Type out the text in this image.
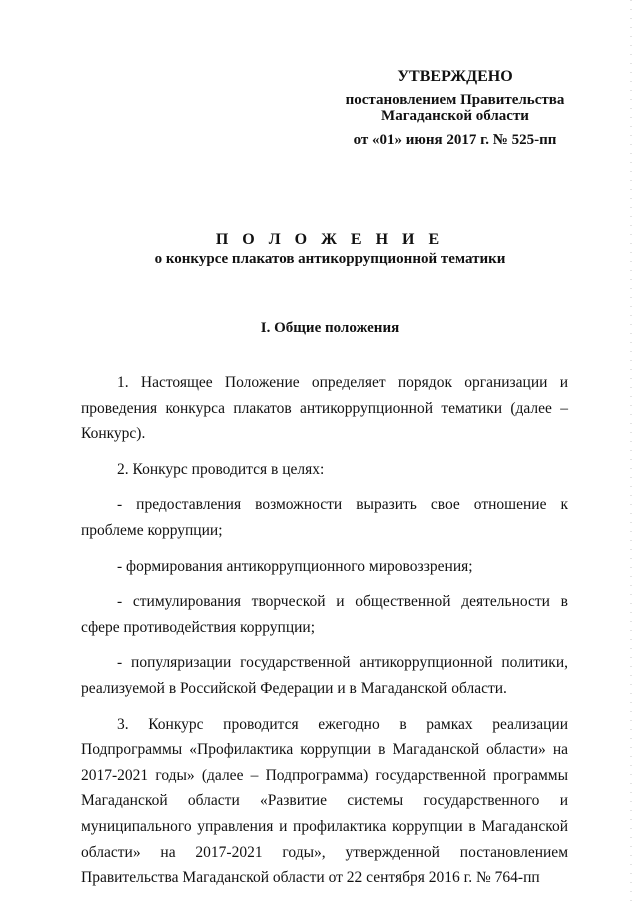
УТВЕРЖДЕНО
постановлением Правительства
Магаданской области
от «01» июня 2017 г. № 525-пп
П О Л О Ж Е Н И Е
о конкурсе плакатов антикоррупционной тематики
I. Общие положения

1. Настоящее Положение определяет порядок организации и проведения конкурса плакатов антикоррупционной тематики (далее – Конкурс).

2. Конкурс проводится в целях:

- предоставления возможности выразить свое отношение к проблеме коррупции;

- формирования антикоррупционного мировоззрения;

- стимулирования творческой и общественной деятельности в сфере противодействия коррупции;

- популяризации государственной антикоррупционной политики, реализуемой в Российской Федерации и в Магаданской области.

3. Конкурс проводится ежегодно в рамках реализации Подпрограммы «Профилактика коррупции в Магаданской области» на 2017-2021 годы» (далее – Подпрограмма) государственной программы Магаданской области «Развитие системы государственного и муниципального управления и профилактика коррупции в Магаданской области» на 2017-2021 годы», утвержденной постановлением Правительства Магаданской области от 22 сентября 2016 г. № 764-пп
